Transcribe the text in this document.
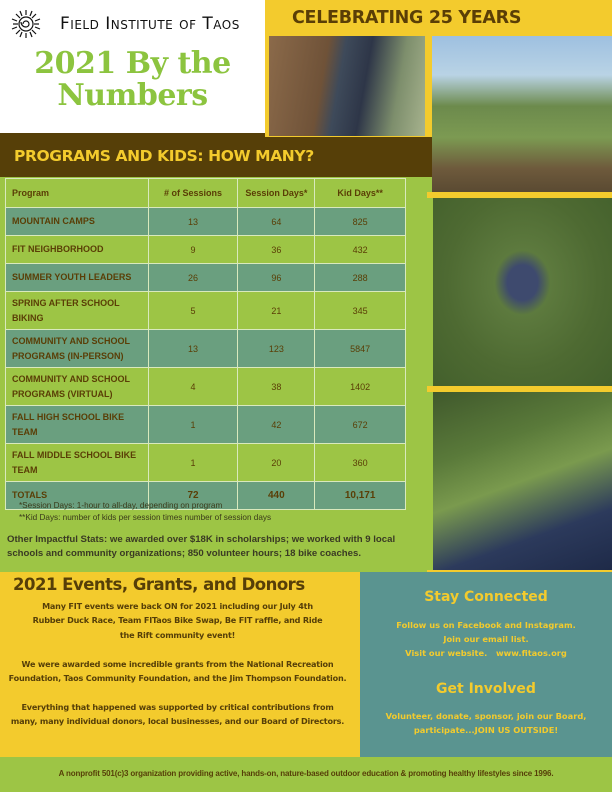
Field Institute of Taos
2021 By the
Numbers
CELEBRATING 25 YEARS
PROGRAMS AND KIDS: HOW MANY?
Program	# of Sessions	Session Days*	Kid Days**
MOUNTAIN CAMPS	13	64	825
FIT NEIGHBORHOOD	9	36	432
SUMMER YOUTH LEADERS	26	96	288
SPRING AFTER SCHOOL BIKING	5	21	345
COMMUNITY AND SCHOOL PROGRAMS (IN-PERSON)	13	123	5847
COMMUNITY AND SCHOOL PROGRAMS (VIRTUAL)	4	38	1402
FALL HIGH SCHOOL BIKE TEAM	1	42	672
FALL MIDDLE SCHOOL BIKE TEAM	1	20	360
TOTALS	72	440	10,171
*Session Days: 1-hour to all-day, depending on program
**Kid Days: number of kids per session times number of session days
Other Impactful Stats: we awarded over $18K in scholarships; we worked with 9 local schools and community organizations; 850 volunteer hours; 18 bike coaches.
2021 Events, Grants, and Donors

Many FIT events were back ON for 2021 including our July 4th Rubber Duck Race, Team FITaos Bike Swap, Be FIT raffle, and Ride the Rift community event!

We were awarded some incredible grants from the National Recreation Foundation, Taos Community Foundation, and the Jim Thompson Foundation.

Everything that happened was supported by critical contributions from many, many individual donors, local businesses, and our Board of Directors.

Stay Connected
Follow us on Facebook and Instagram.
Join our email list.
Visit our website. www.fitaos.org
Get Involved
Volunteer, donate, sponsor, join our Board, participate...JOIN US OUTSIDE!
A nonprofit 501(c)3 organization providing active, hands-on, nature-based outdoor education & promoting healthy lifestyles since 1996.
